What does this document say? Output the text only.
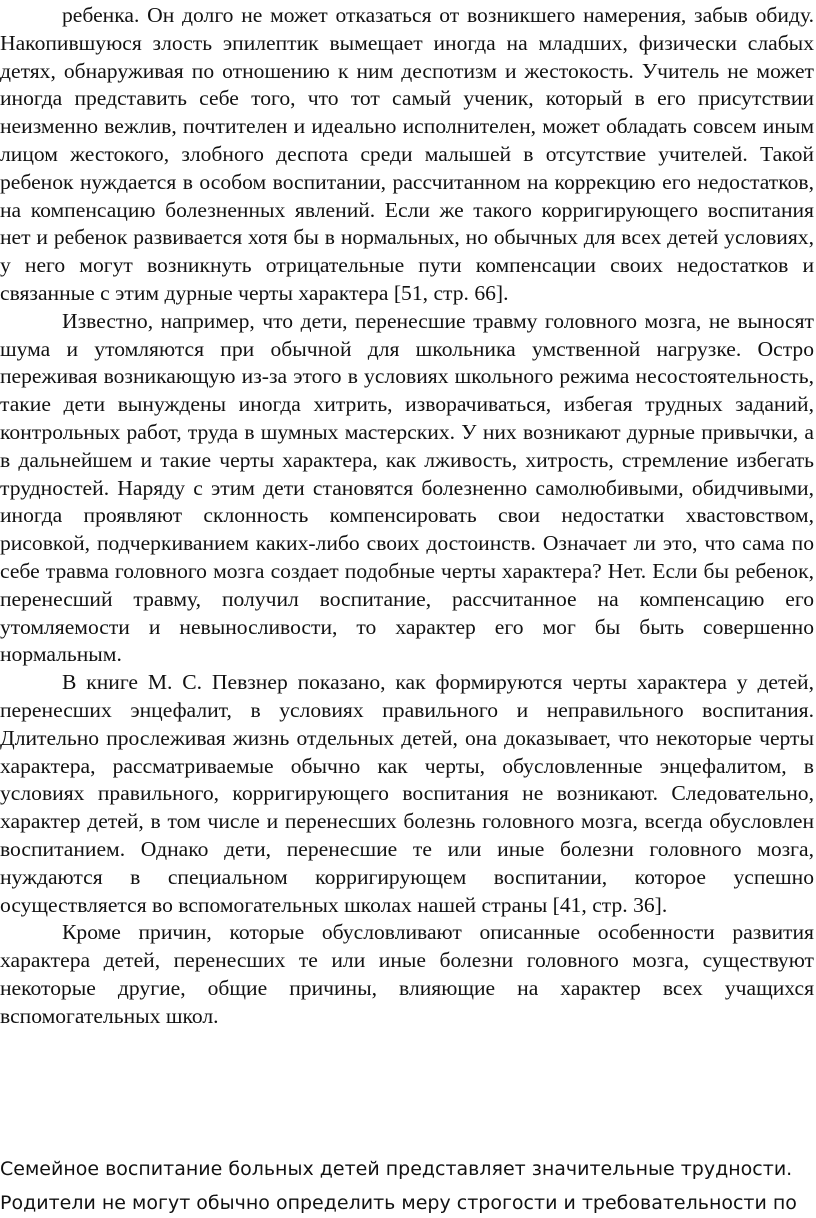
ребенка. Он долго не может отказаться от возникшего намерения, забыв обиду. Накопившуюся злость эпилептик вымещает иногда на младших, физически слабых детях, обнаруживая по отношению к ним деспотизм и жестокость. Учитель не может иногда представить себе того, что тот самый ученик, который в его присутствии неизменно вежлив, почтителен и идеально исполнителен, может обладать совсем иным лицом жестокого, злобного деспота среди малышей в отсутствие учителей. Такой ребенок нуждается в особом воспитании, рассчитанном на коррекцию его недостатков, на компенсацию болезненных явлений. Если же такого корригирующего воспитания нет и ребенок развивается хотя бы в нормальных, но обычных для всех детей условиях, у него могут возникнуть отрицательные пути компенсации своих недостатков и связанные с этим дурные черты характера [51, стр. 66].

Известно, например, что дети, перенесшие травму головного мозга, не выносят шума и утомляются при обычной для школьника умственной нагрузке. Остро переживая возникающую из-за этого в условиях школьного режима несостоятельность, такие дети вынуждены иногда хитрить, изворачиваться, избегая трудных заданий, контрольных работ, труда в шумных мастерских. У них возникают дурные привычки, а в дальнейшем и такие черты характера, как лживость, хитрость, стремление избегать трудностей. Наряду с этим дети становятся болезненно самолюбивыми, обидчивыми, иногда проявляют склонность компенсировать свои недостатки хвастовством, рисовкой, подчеркиванием каких-либо своих достоинств. Означает ли это, что сама по себе травма головного мозга создает подобные черты характера? Нет. Если бы ребенок, перенесший травму, получил воспитание, рассчитанное на компенсацию его утомляемости и невыносливости, то характер его мог бы быть совершенно нормальным.

В книге М. С. Певзнер показано, как формируются черты характера у детей, перенесших энцефалит, в условиях правильного и неправильного воспитания. Длительно прослеживая жизнь отдельных детей, она доказывает, что некоторые черты характера, рассматриваемые обычно как черты, обусловленные энцефалитом, в условиях правильного, корригирующего воспитания не возникают. Следовательно, характер детей, в том числе и перенесших болезнь головного мозга, всегда обусловлен воспитанием. Однако дети, перенесшие те или иные болезни головного мозга, нуждаются в специальном корригирующем воспитании, которое успешно осуществляется во вспомогательных школах нашей страны [41, стр. 36].

Кроме причин, которые обусловливают описанные особенности развития характера детей, перенесших те или иные болезни головного мозга, существуют некоторые другие, общие причины, влияющие на характер всех учащихся вспомогательных школ.

Семейное воспитание больных детей представляет значительные трудности.
Родители не могут обычно определить меру строгости и требовательности по
